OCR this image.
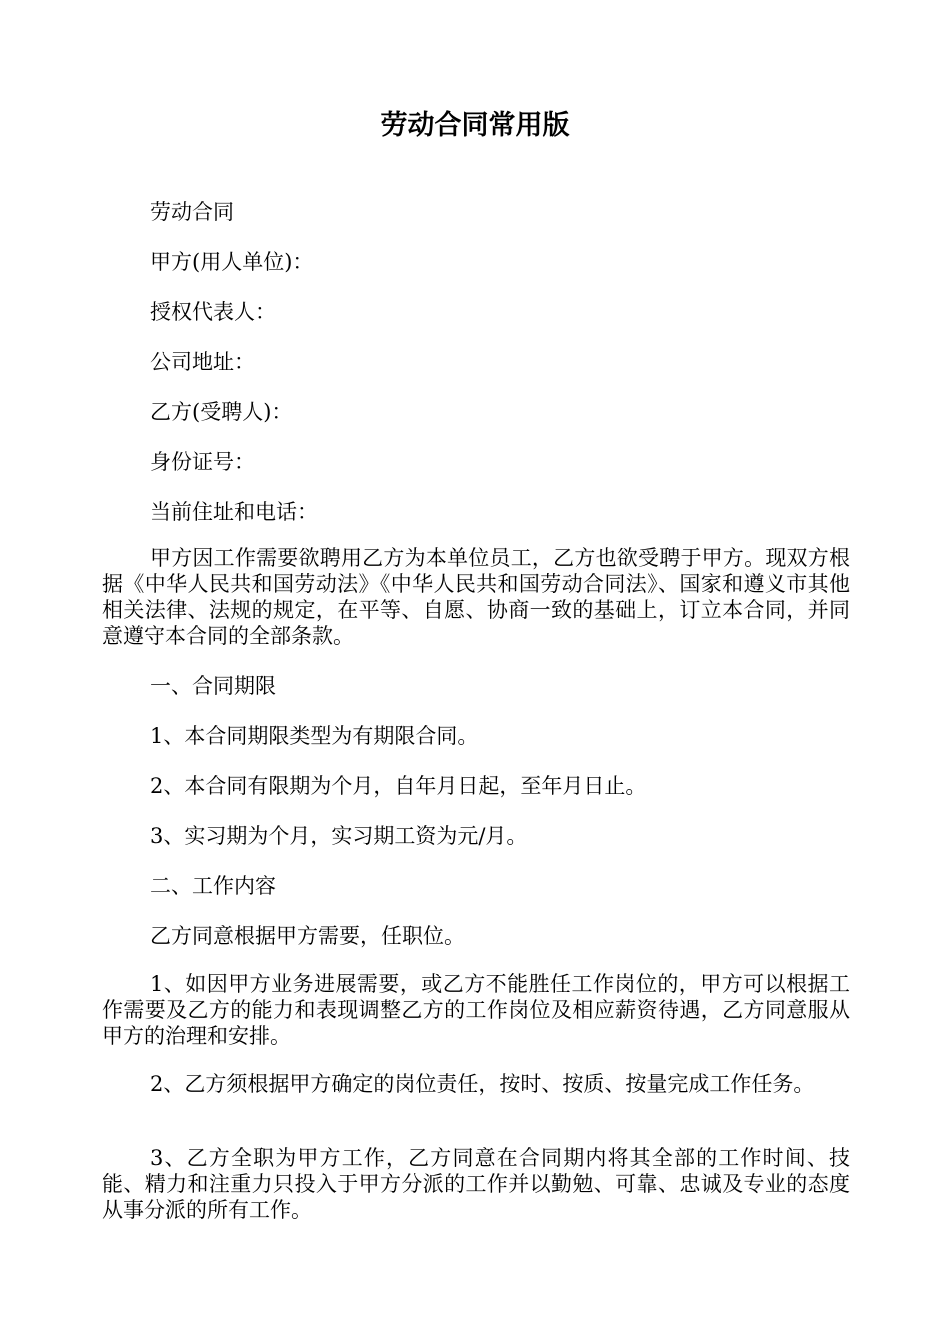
劳动合同常用版
劳动合同
甲方(用人单位)：
授权代表人：
公司地址：
乙方(受聘人)：
身份证号：
当前住址和电话：
甲方因工作需要欲聘用乙方为本单位员工，乙方也欲受聘于甲方。现双方根据《中华人民共和国劳动法》《中华人民共和国劳动合同法》、国家和遵义市其他相关法律、法规的规定，在平等、自愿、协商一致的基础上，订立本合同，并同意遵守本合同的全部条款。
一、合同期限
1、本合同期限类型为有期限合同。
2、本合同有限期为个月，自年月日起，至年月日止。
3、实习期为个月，实习期工资为元/月。
二、工作内容
乙方同意根据甲方需要，任职位。
1、如因甲方业务进展需要，或乙方不能胜任工作岗位的，甲方可以根据工作需要及乙方的能力和表现调整乙方的工作岗位及相应薪资待遇，乙方同意服从甲方的治理和安排。
2、乙方须根据甲方确定的岗位责任，按时、按质、按量完成工作任务。
3、乙方全职为甲方工作，乙方同意在合同期内将其全部的工作时间、技能、精力和注重力只投入于甲方分派的工作并以勤勉、可靠、忠诚及专业的态度从事分派的所有工作。
